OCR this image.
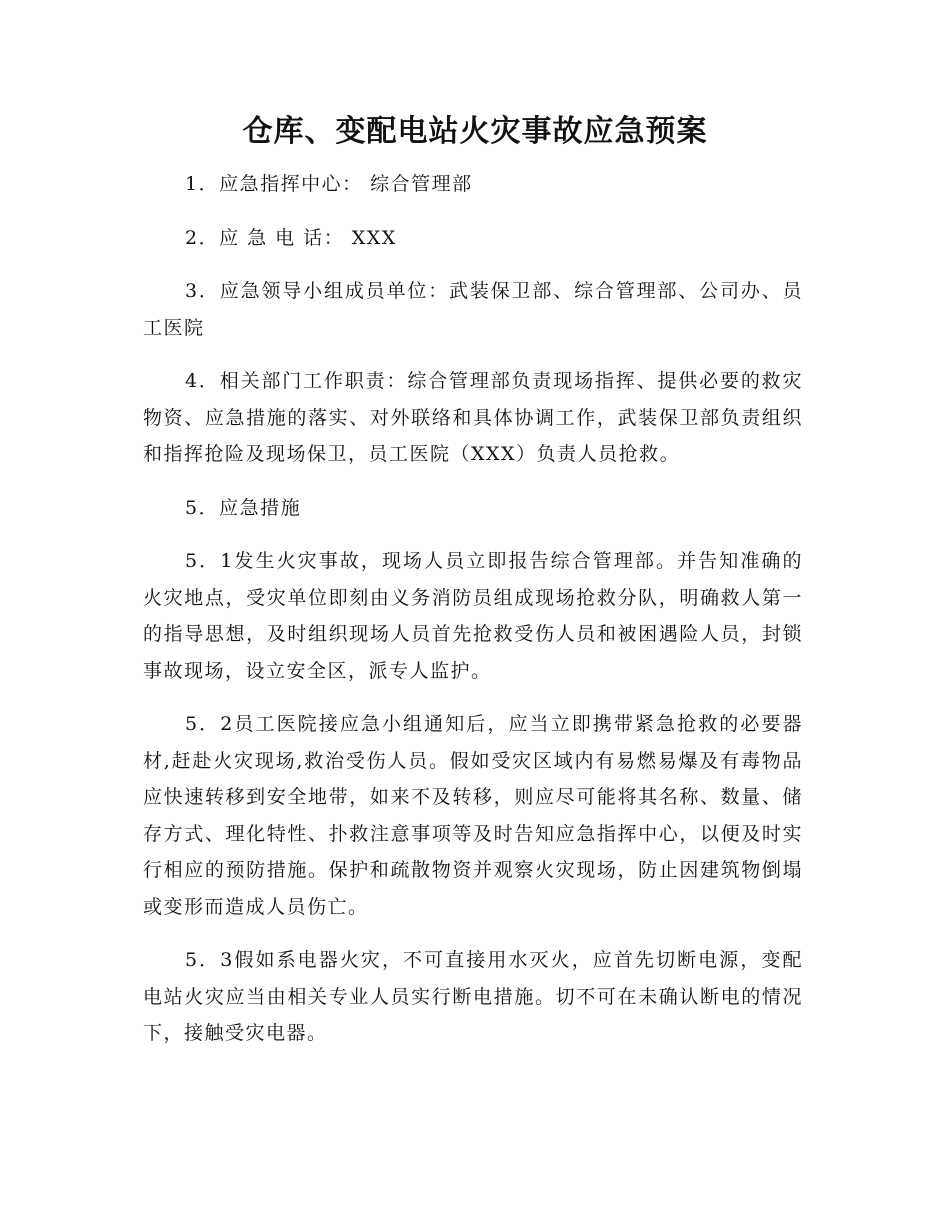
仓库、变配电站火灾事故应急预案

1．应急指挥中心： 综合管理部

2．应 急 电 话： XXX

3．应急领导小组成员单位：武装保卫部、综合管理部、公司办、员工医院

4．相关部门工作职责：综合管理部负责现场指挥、提供必要的救灾物资、应急措施的落实、对外联络和具体协调工作，武装保卫部负责组织和指挥抢险及现场保卫，员工医院（XXX）负责人员抢救。

5．应急措施

5．1发生火灾事故，现场人员立即报告综合管理部。并告知准确的火灾地点，受灾单位即刻由义务消防员组成现场抢救分队，明确救人第一的指导思想，及时组织现场人员首先抢救受伤人员和被困遇险人员，封锁事故现场，设立安全区，派专人监护。

5．2员工医院接应急小组通知后，应当立即携带紧急抢救的必要器材,赶赴火灾现场,救治受伤人员。假如受灾区域内有易燃易爆及有毒物品应快速转移到安全地带，如来不及转移，则应尽可能将其名称、数量、储存方式、理化特性、扑救注意事项等及时告知应急指挥中心，以便及时实行相应的预防措施。保护和疏散物资并观察火灾现场，防止因建筑物倒塌或变形而造成人员伤亡。

5．3假如系电器火灾，不可直接用水灭火，应首先切断电源，变配电站火灾应当由相关专业人员实行断电措施。切不可在未确认断电的情况下，接触受灾电器。
